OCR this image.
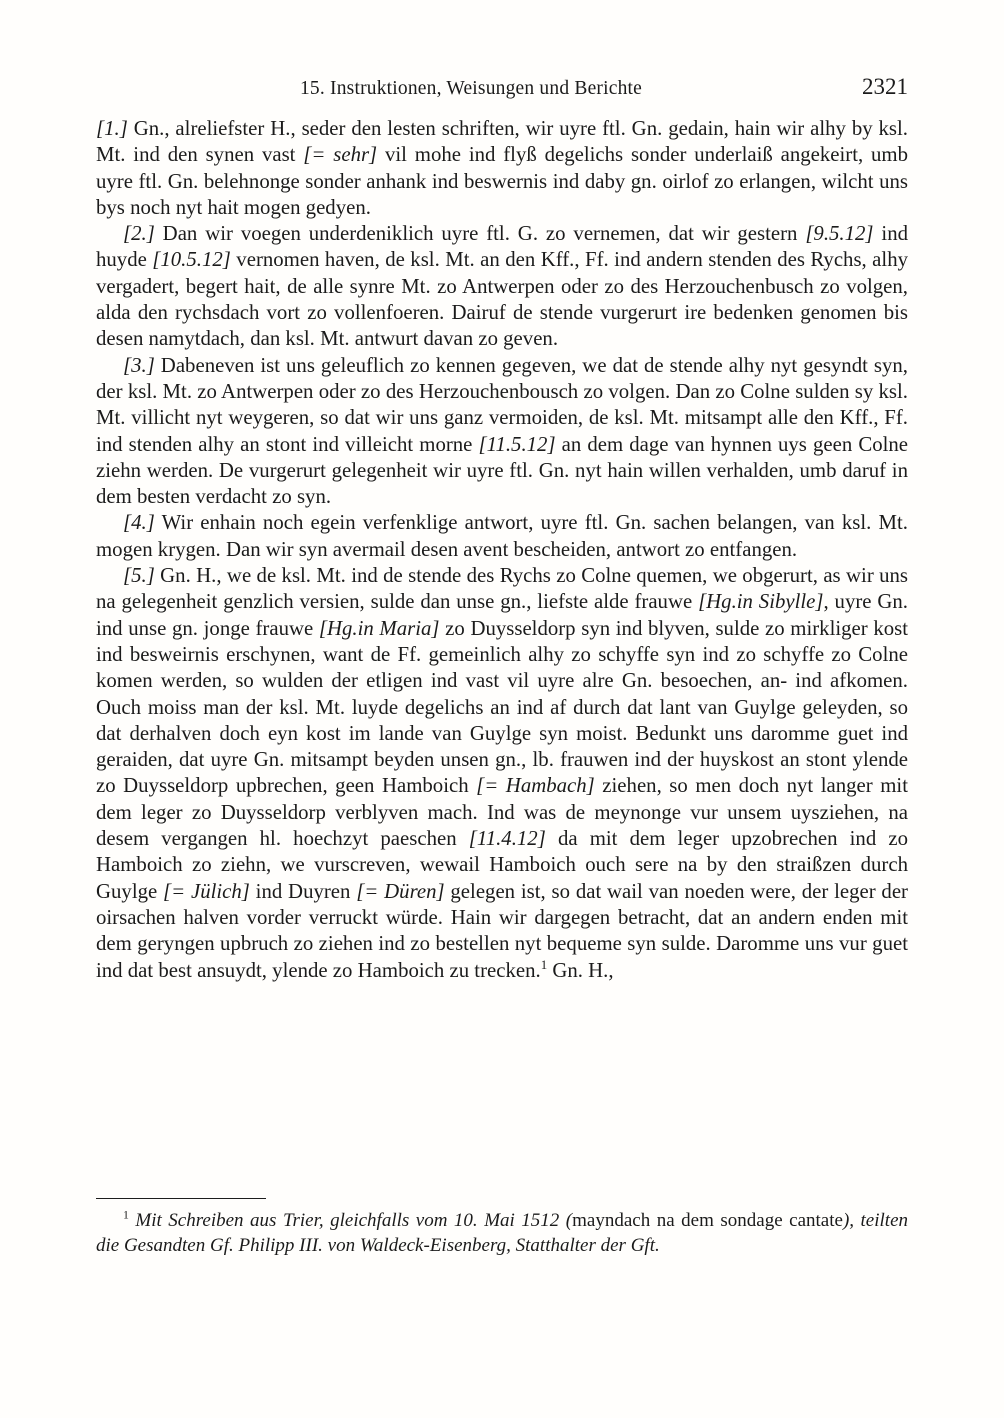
15. Instruktionen, Weisungen und Berichte	2321

[1.] Gn., alreliefster H., seder den lesten schriften, wir uyre ftl. Gn. gedain, hain wir alhy by ksl. Mt. ind den synen vast [= sehr] vil mohe ind flyß degelichs sonder underlaiß angekeirt, umb uyre ftl. Gn. belehnonge sonder anhank ind beswernis ind daby gn. oirlof zo erlangen, wilcht uns bys noch nyt hait mogen gedyen.

[2.] Dan wir voegen underdeniklich uyre ftl. G. zo vernemen, dat wir gestern [9.5.12] ind huyde [10.5.12] vernomen haven, de ksl. Mt. an den Kff., Ff. ind andern stenden des Rychs, alhy vergadert, begert hait, de alle synre Mt. zo Antwerpen oder zo des Herzouchenbusch zo volgen, alda den rychsdach vort zo vollenfoeren. Dairuf de stende vurgerurt ire bedenken genomen bis desen namytdach, dan ksl. Mt. antwurt davan zo geven.

[3.] Dabeneven ist uns geleuflich zo kennen gegeven, we dat de stende alhy nyt gesyndt syn, der ksl. Mt. zo Antwerpen oder zo des Herzouchenbousch zo volgen. Dan zo Colne sulden sy ksl. Mt. villicht nyt weygeren, so dat wir uns ganz vermoiden, de ksl. Mt. mitsampt alle den Kff., Ff. ind stenden alhy an stont ind villeicht morne [11.5.12] an dem dage van hynnen uys geen Colne ziehn werden. De vurgerurt gelegenheit wir uyre ftl. Gn. nyt hain willen verhalden, umb daruf in dem besten verdacht zo syn.

[4.] Wir enhain noch egein verfenklige antwort, uyre ftl. Gn. sachen belangen, van ksl. Mt. mogen krygen. Dan wir syn avermail desen avent bescheiden, antwort zo entfangen.

[5.] Gn. H., we de ksl. Mt. ind de stende des Rychs zo Colne quemen, we obgerurt, as wir uns na gelegenheit genzlich versien, sulde dan unse gn., liefste alde frauwe [Hg.in Sibylle], uyre Gn. ind unse gn. jonge frauwe [Hg.in Maria] zo Duysseldorp syn ind blyven, sulde zo mirkliger kost ind besweirnis erschynen, want de Ff. gemeinlich alhy zo schyffe syn ind zo schyffe zo Colne komen werden, so wulden der etligen ind vast vil uyre alre Gn. besoechen, an- ind afkomen. Ouch moiss man der ksl. Mt. luyde degelichs an ind af durch dat lant van Guylge geleyden, so dat derhalven doch eyn kost im lande van Guylge syn moist. Bedunkt uns daromme guet ind geraiden, dat uyre Gn. mitsampt beyden unsen gn., lb. frauwen ind der huyskost an stont ylende zo Duysseldorp upbrechen, geen Hamboich [= Hambach] ziehen, so men doch nyt langer mit dem leger zo Duysseldorp verblyven mach. Ind was de meynonge vur unsem uysziehen, na desem vergangen hl. hoechzyt paeschen [11.4.12] da mit dem leger upzobrechen ind zo Hamboich zo ziehn, we vurscreven, wewail Hamboich ouch sere na by den straißzen durch Guylge [= Jülich] ind Duyren [= Düren] gelegen ist, so dat wail van noeden were, der leger der oirsachen halven vorder verruckt würde. Hain wir dargegen betracht, dat an andern enden mit dem geryngen upbruch zo ziehen ind zo bestellen nyt bequeme syn sulde. Daromme uns vur guet ind dat best ansuydt, ylende zo Hamboich zu trecken.$^1$ Gn. H.,

$^1$ Mit Schreiben aus Trier, gleichfalls vom 10. Mai 1512 (mayndach na dem sondage cantate), teilten die Gesandten Gf. Philipp III. von Waldeck-Eisenberg, Statthalter der Gft.
